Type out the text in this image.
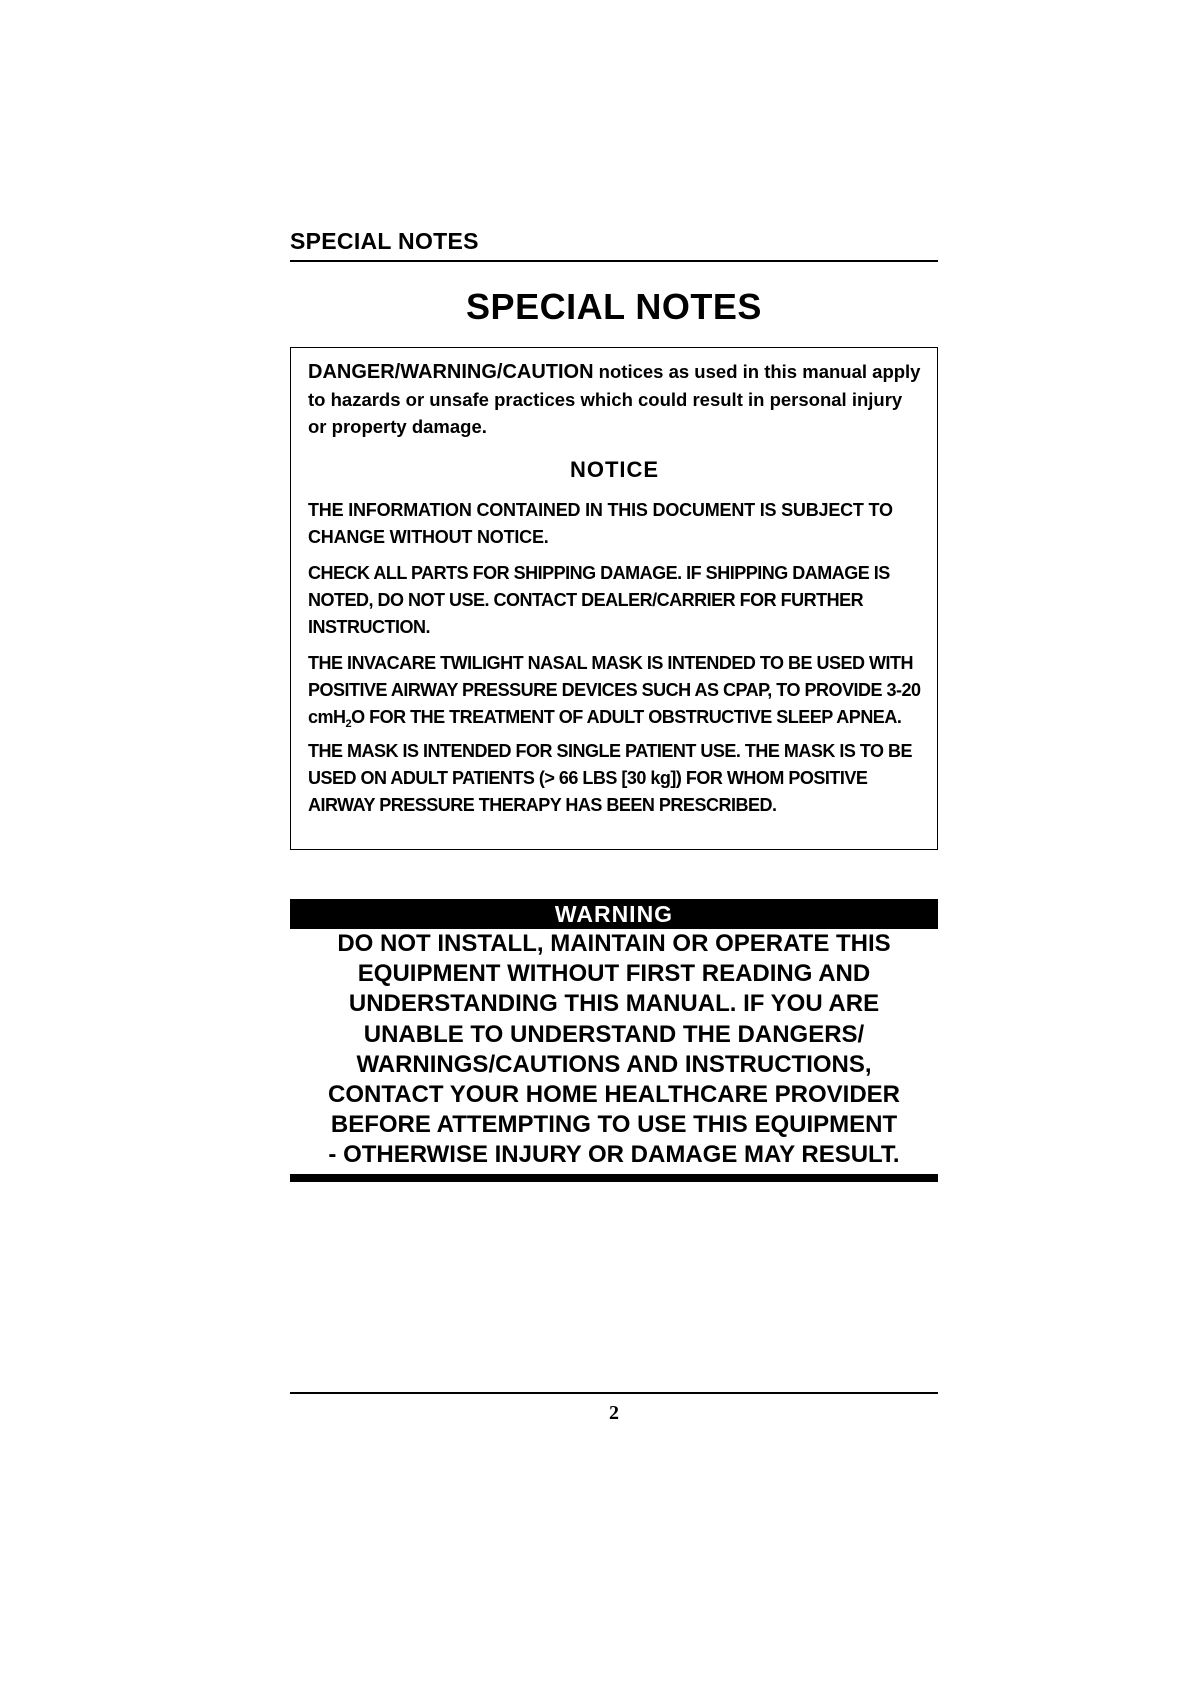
SPECIAL NOTES
SPECIAL NOTES

DANGER/WARNING/CAUTION notices as used in this manual apply to hazards or unsafe practices which could result in personal injury or property damage.

NOTICE

THE INFORMATION CONTAINED IN THIS DOCUMENT IS SUBJECT TO CHANGE WITHOUT NOTICE.

CHECK ALL PARTS FOR SHIPPING DAMAGE. IF SHIPPING DAMAGE IS NOTED, DO NOT USE. CONTACT DEALER/CARRIER FOR FURTHER INSTRUCTION.

THE INVACARE TWILIGHT NASAL MASK IS INTENDED TO BE USED WITH POSITIVE AIRWAY PRESSURE DEVICES SUCH AS CPAP, TO PROVIDE 3-20 cmH$_2$O FOR THE TREATMENT OF ADULT OBSTRUCTIVE SLEEP APNEA. THE MASK IS INTENDED FOR SINGLE PATIENT USE. THE MASK IS TO BE USED ON ADULT PATIENTS (> 66 LBS [30 kg]) FOR WHOM POSITIVE AIRWAY PRESSURE THERAPY HAS BEEN PRESCRIBED.

WARNING
DO NOT INSTALL, MAINTAIN OR OPERATE THIS
EQUIPMENT WITHOUT FIRST READING AND
UNDERSTANDING THIS MANUAL. IF YOU ARE
UNABLE TO UNDERSTAND THE DANGERS/
WARNINGS/CAUTIONS AND INSTRUCTIONS,
CONTACT YOUR HOME HEALTHCARE PROVIDER
BEFORE ATTEMPTING TO USE THIS EQUIPMENT
- OTHERWISE INJURY OR DAMAGE MAY RESULT.
2
